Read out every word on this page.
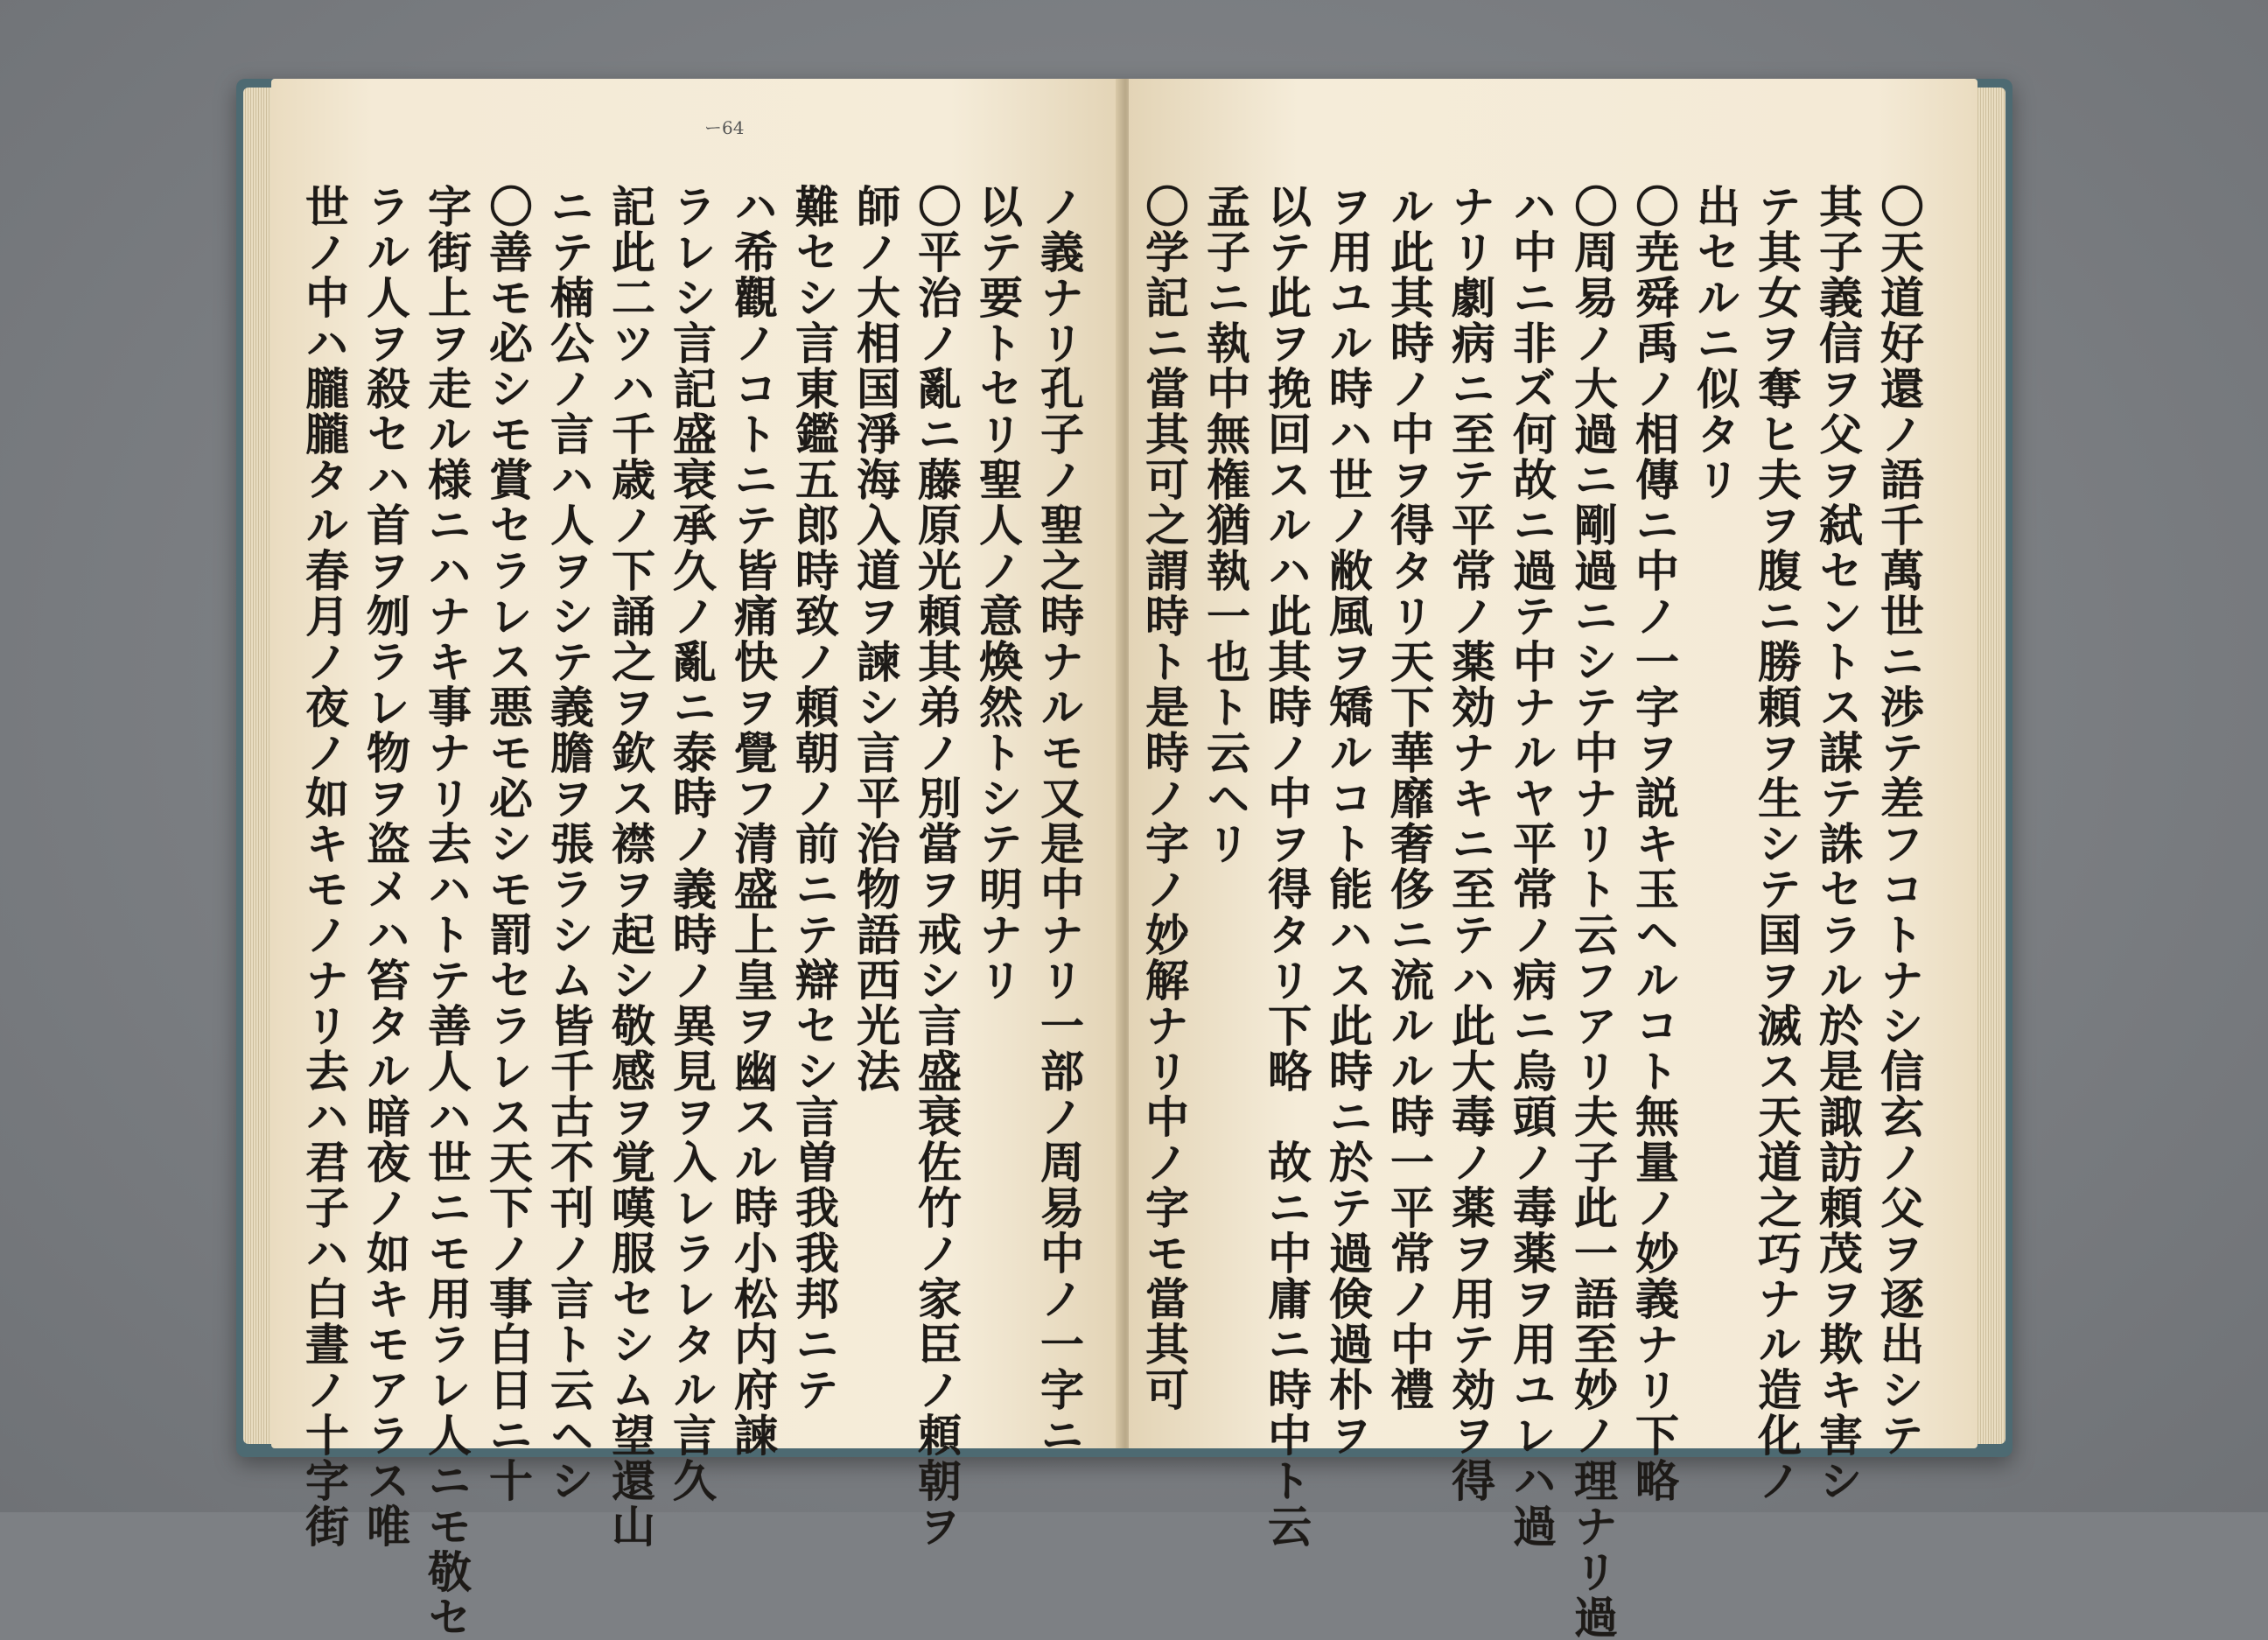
ー64
ノ義ナリ孔子ノ聖之時ナルモ又是中ナリ一部ノ周易中ノ一字ニ
以テ要トセリ聖人ノ意煥然トシテ明ナリ
〇平治ノ亂ニ藤原光頼其弟ノ別當ヲ戒シ言盛衰佐竹ノ家臣ノ頼朝ヲ
師ノ大相国淨海入道ヲ諫シ言平治物語西光法
難セシ言東鑑五郎時致ノ頼朝ノ前ニテ辯セシ言曽我我邦ニテ
ハ希觀ノコトニテ皆痛快ヲ覺フ清盛上皇ヲ幽スル時小松内府諫
ラレシ言記盛衰承久ノ亂ニ泰時ノ義時ノ異見ヲ入レラレタル言久
記此二ツハ千歳ノ下誦之ヲ欽ス襟ヲ起シ敬感ヲ覚嘆服セシム望還山
ニテ楠公ノ言ハ人ヲシテ義膽ヲ張ラシム皆千古不刊ノ言ト云ヘシ
〇善モ必シモ賞セラレス悪モ必シモ罰セラレス天下ノ事白日ニ十
字街上ヲ走ル様ニハナキ事ナリ去ハトテ善人ハ世ニモ用ラレ人ニモ敬セ
ラル人ヲ殺セハ首ヲ刎ラレ物ヲ盗メハ笞タル暗夜ノ如キモアラス唯
世ノ中ハ朧朧タル春月ノ夜ノ如キモノナリ去ハ君子ハ白晝ノ十字街	〇天道好還ノ語千萬世ニ渉テ差フコトナシ信玄ノ父ヲ逐出シテ
其子義信ヲ父ヲ弑セントス謀テ誅セラル於是諏訪頼茂ヲ欺キ害シ
テ其女ヲ奪ヒ夫ヲ腹ニ勝頼ヲ生シテ国ヲ滅ス天道之巧ナル造化ノ
出セルニ似タリ
〇尭舜禹ノ相傳ニ中ノ一字ヲ説キ玉ヘルコト無量ノ妙義ナリ下略
〇周易ノ大過ニ剛過ニシテ中ナリト云フアリ夫子此一語至妙ノ理ナリ過
ハ中ニ非ズ何故ニ過テ中ナルヤ平常ノ病ニ烏頭ノ毒薬ヲ用ユレハ過
ナリ劇病ニ至テ平常ノ薬効ナキニ至テハ此大毒ノ薬ヲ用テ効ヲ得
ル此其時ノ中ヲ得タリ天下華靡奢侈ニ流ルル時一平常ノ中禮
ヲ用ユル時ハ世ノ敝風ヲ矯ルコト能ハス此時ニ於テ過倹過朴ヲ
以テ此ヲ挽回スルハ此其時ノ中ヲ得タリ下略　故ニ中庸ニ時中ト云
孟子ニ執中無権猶執一也ト云ヘリ
〇学記ニ當其可之謂時ト是時ノ字ノ妙解ナリ中ノ字モ當其可
